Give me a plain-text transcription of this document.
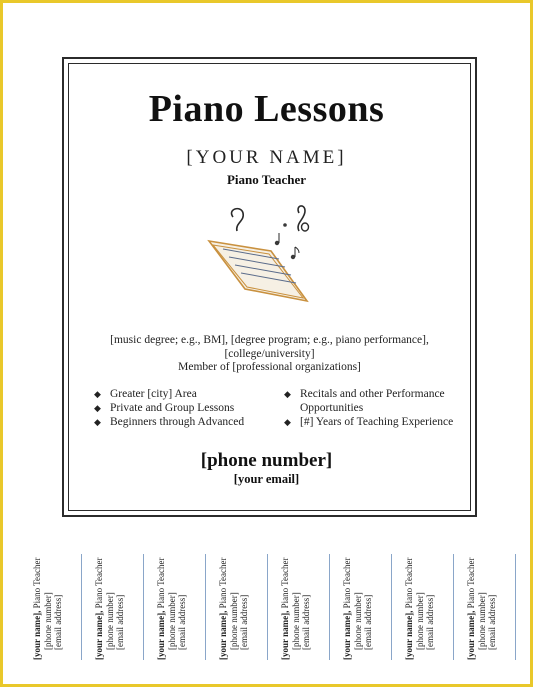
Piano Lessons
[YOUR NAME]
Piano Teacher
[music degree; e.g., BM], [degree program; e.g., piano performance],
[college/university]
Member of [professional organizations]
◆ Greater [city] Area
◆ Private and Group Lessons
◆ Beginners through Advanced
◆ Recitals and other Performance Opportunities
◆ [#] Years of Teaching Experience
[phone number]
[your email]
[your name], Piano Teacher
[phone number] [email address]	[your name], Piano Teacher
[phone number] [email address]	[your name], Piano Teacher
[phone number] [email address]	[your name], Piano Teacher
[phone number] [email address]	[your name], Piano Teacher
[phone number] [email address]	[your name], Piano Teacher
[phone number] [email address]	[your name], Piano Teacher
[phone number] [email address]	[your name], Piano Teacher
[phone number] [email address]
